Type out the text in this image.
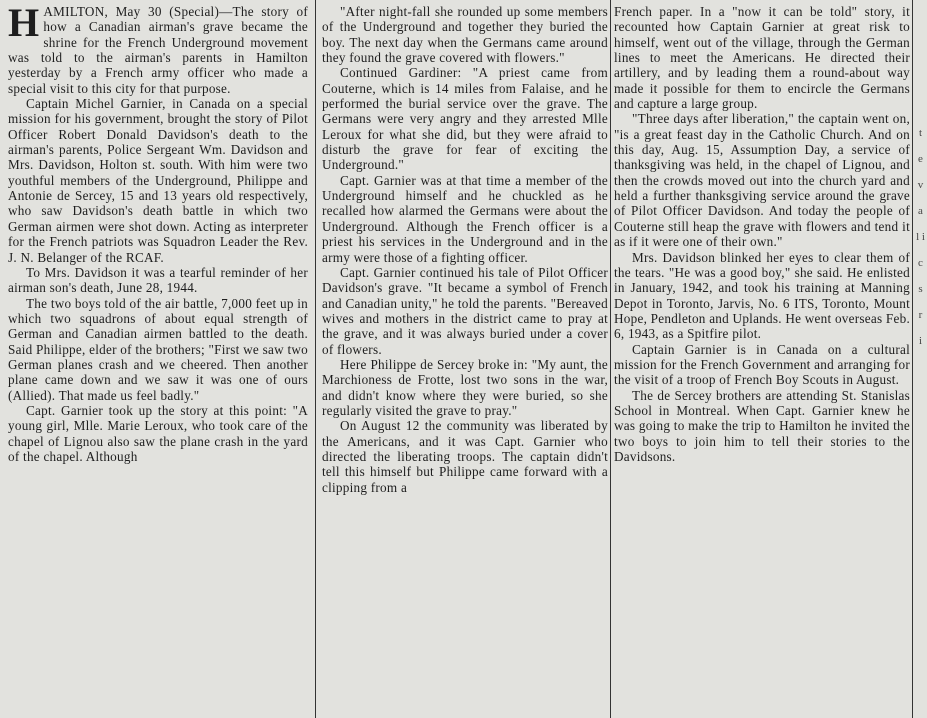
HAMILTON, May 30 (Special)—The story of how a Canadian airman's grave became the shrine for the French Underground movement was told to the airman's parents in Hamilton yesterday by a French army officer who made a special visit to this city for that purpose.

Captain Michel Garnier, in Canada on a special mission for his government, brought the story of Pilot Officer Robert Donald Davidson's death to the airman's parents, Police Sergeant Wm. Davidson and Mrs. Davidson, Holton st. south. With him were two youthful members of the Underground, Philippe and Antonie de Sercey, 15 and 13 years old respectively, who saw Davidson's death battle in which two German airmen were shot down. Acting as interpreter for the French patriots was Squadron Leader the Rev. J. N. Belanger of the RCAF.

To Mrs. Davidson it was a tearful reminder of her airman son's death, June 28, 1944.

The two boys told of the air battle, 7,000 feet up in which two squadrons of about equal strength of German and Canadian airmen battled to the death. Said Philippe, elder of the brothers; "First we saw two German planes crash and we cheered. Then another plane came down and we saw it was one of ours (Allied). That made us feel badly."

Capt. Garnier took up the story at this point: "A young girl, Mlle. Marie Leroux, who took care of the chapel of Lignou also saw the plane crash in the yard of the chapel. Although

"After night-fall she rounded up some members of the Underground and together they buried the boy. The next day when the Germans came around they found the grave covered with flowers."

Continued Gardiner: "A priest came from Couterne, which is 14 miles from Falaise, and he performed the burial service over the grave. The Germans were very angry and they arrested Mlle Leroux for what she did, but they were afraid to disturb the grave for fear of exciting the Underground."

Capt. Garnier was at that time a member of the Underground himself and he chuckled as he recalled how alarmed the Germans were about the Underground. Although the French officer is a priest his services in the Underground and in the army were those of a fighting officer.

Capt. Garnier continued his tale of Pilot Officer Davidson's grave. "It became a symbol of French and Canadian unity," he told the parents. "Bereaved wives and mothers in the district came to pray at the grave, and it was always buried under a cover of flowers.

Here Philippe de Sercey broke in: "My aunt, the Marchioness de Frotte, lost two sons in the war, and didn't know where they were buried, so she regularly visited the grave to pray."

On August 12 the community was liberated by the Americans, and it was Capt. Garnier who directed the liberating troops. The captain didn't tell this himself but Philippe came forward with a clipping from a

French paper. In a "now it can be told" story, it recounted how Captain Garnier at great risk to himself, went out of the village, through the German lines to meet the Americans. He directed their artillery, and by leading them a round-about way made it possible for them to encircle the Germans and capture a large group.

"Three days after liberation," the captain went on, "is a great feast day in the Catholic Church. And on this day, Aug. 15, Assumption Day, a service of thanksgiving was held, in the chapel of Lignou, and then the crowds moved out into the church yard and held a further thanksgiving service around the grave of Pilot Officer Davidson. And today the people of Couterne still heap the grave with flowers and tend it as if it were one of their own."

Mrs. Davidson blinked her eyes to clear them of the tears. "He was a good boy," she said. He enlisted in January, 1942, and took his training at Manning Depot in Toronto, Jarvis, No. 6 ITS, Toronto, Mount Hope, Pendleton and Uplands. He went overseas Feb. 6, 1943, as a Spitfire pilot.

Captain Garnier is in Canada on a cultural mission for the French Government and arranging for the visit of a troop of French Boy Scouts in August.

The de Sercey brothers are attending St. Stanislas School in Montreal. When Capt. Garnier knew he was going to make the trip to Hamilton he invited the two boys to join him to tell their stories to the Davidsons.

t e v a l i c s r i
